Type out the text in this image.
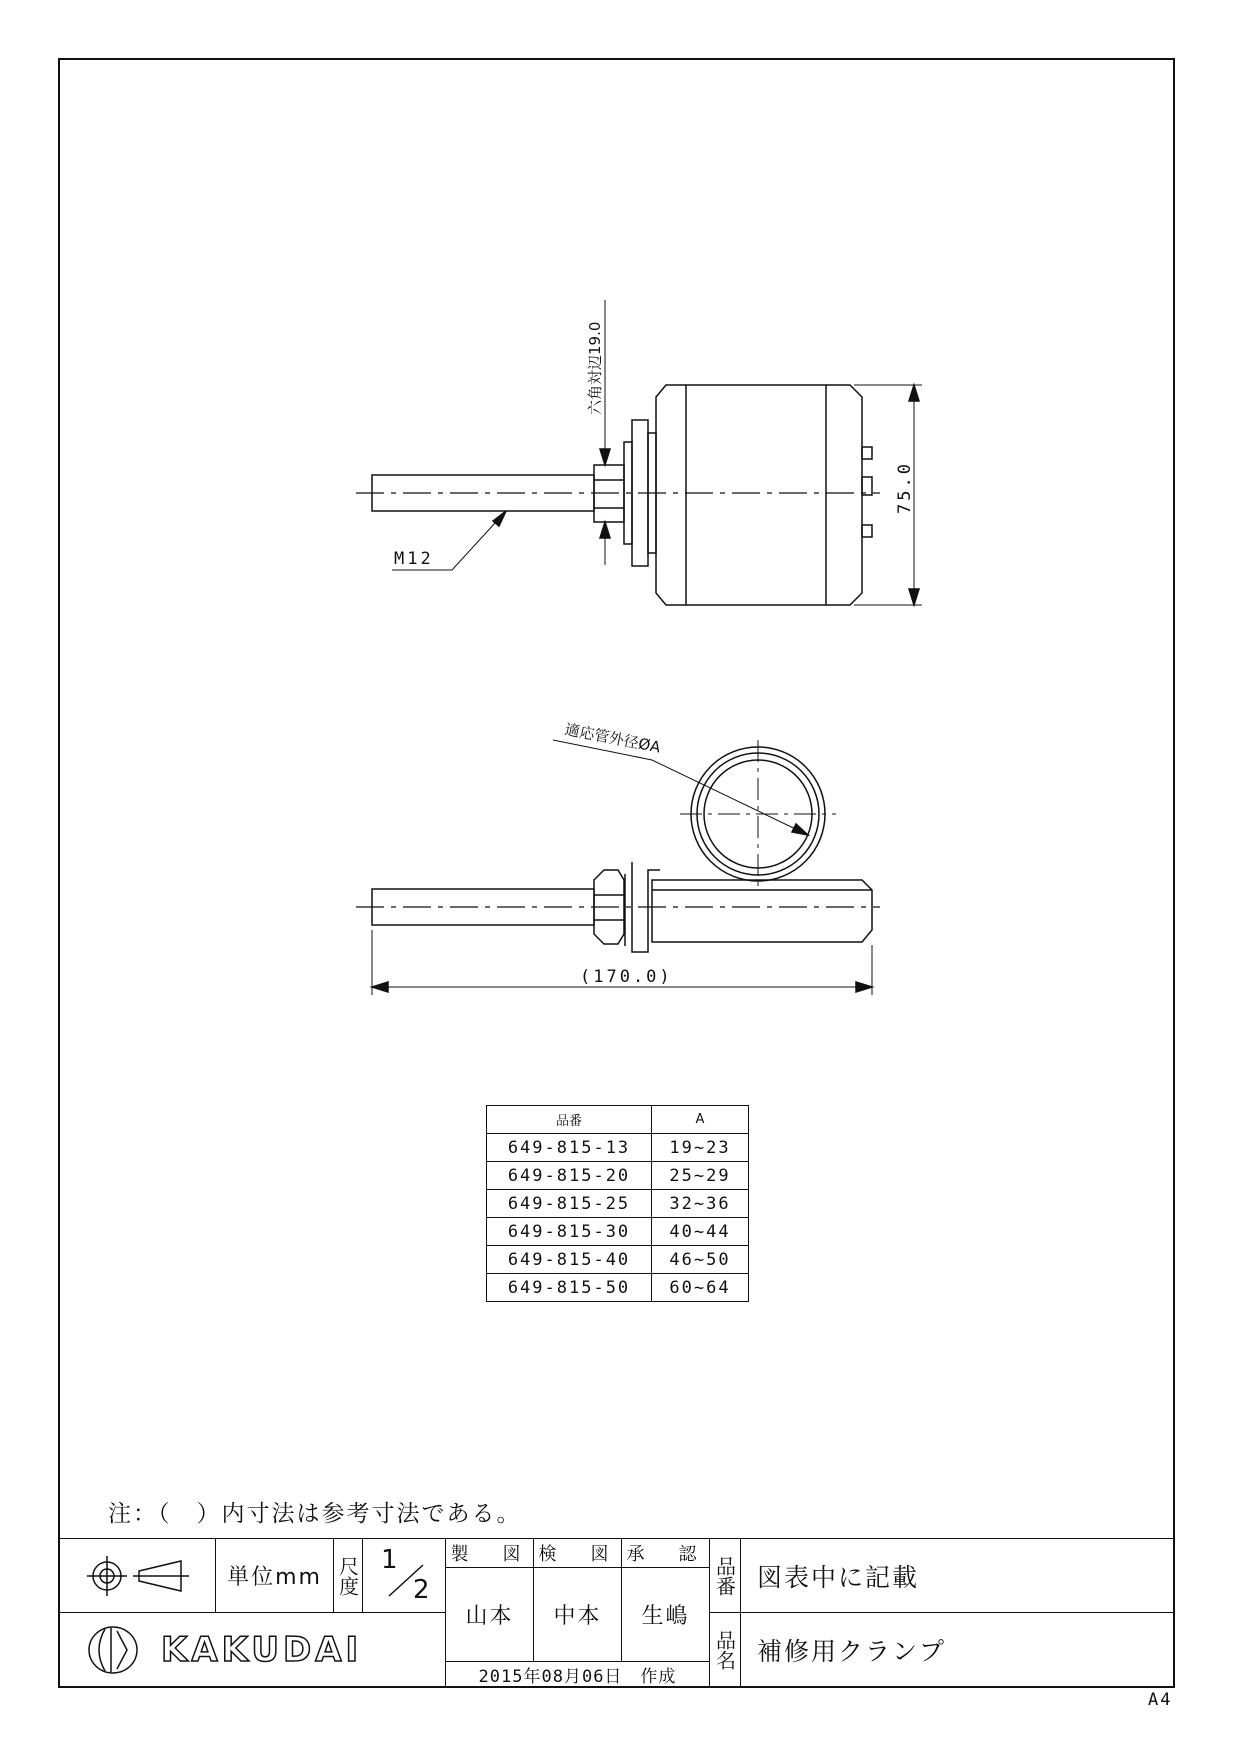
M12
75.0
六角対辺19.0
適応管外径ØA
(170.0)
品番	A
649-815-13	19~23
649-815-20	25~29
649-815-25	32~36
649-815-30	40~44
649-815-40	46~50
649-815-50	60~64
注：（　）内寸法は参考寸法である。
単位mm 尺度 1
2
製　図 検　図 承　認
山本	中本	生嶋
2015年08月06日　作成
品番 図表中に記載
品名 補修用クランプ
KAKUDAI
A4
